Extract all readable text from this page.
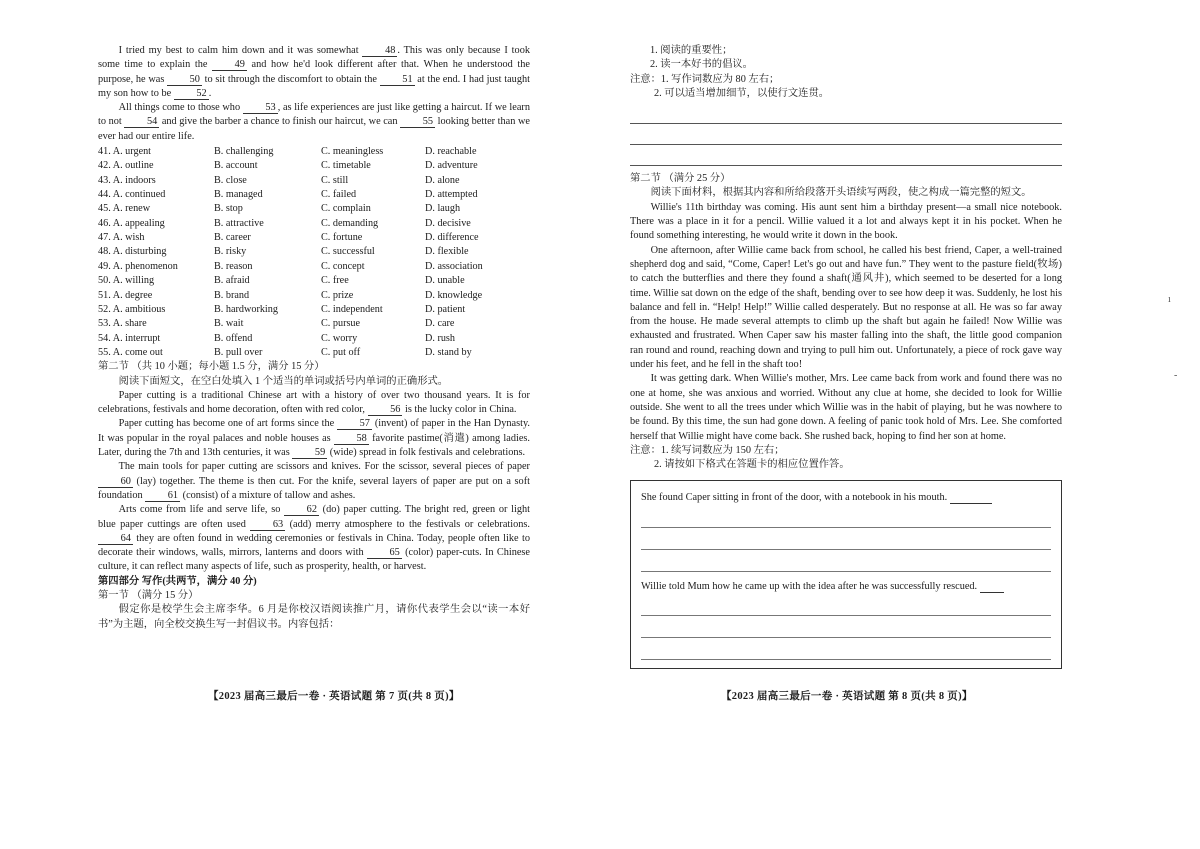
I tried my best to calm him down and it was somewhat 48 . This was only because I took some time to explain the 49 and how he'd look different after that. When he understood the purpose, he was 50 to sit through the discomfort to obtain the 51 at the end. I had just taught my son how to be 52 .

All things come to those who 53 , as life experiences are just like getting a haircut. If we learn to not 54 and give the barber a chance to finish our haircut, we can 55 looking better than we ever had our entire life.

41. A. urgent	B. challenging	C. meaningless	D. reachable
42. A. outline	B. account	C. timetable	D. adventure
43. A. indoors	B. close	C. still	D. alone
44. A. continued	B. managed	C. failed	D. attempted
45. A. renew	B. stop	C. complain	D. laugh
46. A. appealing	B. attractive	C. demanding	D. decisive
47. A. wish	B. career	C. fortune	D. difference
48. A. disturbing	B. risky	C. successful	D. flexible
49. A. phenomenon	B. reason	C. concept	D. association
50. A. willing	B. afraid	C. free	D. unable
51. A. degree	B. brand	C. prize	D. knowledge
52. A. ambitious	B. hardworking	C. independent	D. patient
53. A. share	B. wait	C. pursue	D. care
54. A. interrupt	B. offend	C. worry	D. rush
55. A. come out	B. pull over	C. put off	D. stand by

第二节 （共 10 小题；每小题 1.5 分，满分 15 分）

阅读下面短文，在空白处填入 1 个适当的单词或括号内单词的正确形式。

Paper cutting is a traditional Chinese art with a history of over two thousand years. It is for celebrations, festivals and home decoration, often with red color, 56 is the lucky color in China.

Paper cutting has become one of art forms since the 57 (invent) of paper in the Han Dynasty. It was popular in the royal palaces and noble houses as 58 favorite pastime(消遣) among ladies. Later, during the 7th and 13th centuries, it was 59 (wide) spread in folk festivals and celebrations.

The main tools for paper cutting are scissors and knives. For the scissor, several pieces of paper 60 (lay) together. The theme is then cut. For the knife, several layers of paper are put on a soft foundation 61 (consist) of a mixture of tallow and ashes.

Arts come from life and serve life, so 62 (do) paper cutting. The bright red, green or light blue paper cuttings are often used 63 (add) merry atmosphere to the festivals or celebrations. 64 they are often found in wedding ceremonies or festivals in China. Today, people often like to decorate their windows, walls, mirrors, lanterns and doors with 65 (color) paper-cuts. In Chinese culture, it can reflect many aspects of life, such as prosperity, health, or harvest.

第四部分 写作(共两节，满分 40 分)

第一节 （满分 15 分）

假定你是校学生会主席李华。6 月是你校汉语阅读推广月，请你代表学生会以“读一本好书”为主题，向全校交换生写一封倡议书。内容包括：

【2023 届高三最后一卷 · 英语试题 第 7 页(共 8 页)】

1. 阅读的重要性；

2. 读一本好书的倡议。

注意：1. 写作词数应为 80 左右；

2. 可以适当增加细节，以使行文连贯。

第二节 （满分 25 分）

阅读下面材料，根据其内容和所给段落开头语续写两段，使之构成一篇完整的短文。

Willie's 11th birthday was coming. His aunt sent him a birthday present—a small nice notebook. There was a place in it for a pencil. Willie valued it a lot and always kept it in his pocket. When he found something interesting, he would write it down in the book.

One afternoon, after Willie came back from school, he called his best friend, Caper, a well-trained shepherd dog and said, “Come, Caper! Let's go out and have fun.” They went to the pasture field(牧场) to catch the butterflies and there they found a shaft(通风井), which seemed to be deserted for a long time. Willie sat down on the edge of the shaft, bending over to see how deep it was. Suddenly, he lost his balance and fell in. “Help! Help!” Willie called desperately. But no response at all. He was so far away from the house. He made several attempts to climb up the shaft but again he failed! Now Willie was exhausted and frustrated. When Caper saw his master falling into the shaft, the little good companion ran round and round, reaching down and trying to pull him out. Unfortunately, a piece of rock gave way under his feet, and he fell in the shaft too!

It was getting dark. When Willie's mother, Mrs. Lee came back from work and found there was no one at home, she was anxious and worried. Without any clue at home, she decided to look for Willie outside. She went to all the trees under which Willie was in the habit of playing, but he was nowhere to be found. By this time, the sun had gone down. A feeling of panic took hold of Mrs. Lee. She comforted herself that Willie might have come back. She rushed back, hoping to find her son at home.

注意：1. 续写词数应为 150 左右；

2. 请按如下格式在答题卡的相应位置作答。

She found Caper sitting in front of the door, with a notebook in his mouth.
Willie told Mum how he came up with the idea after he was successfully rescued.
【2023 届高三最后一卷 · 英语试题 第 8 页(共 8 页)】
ı
‑
